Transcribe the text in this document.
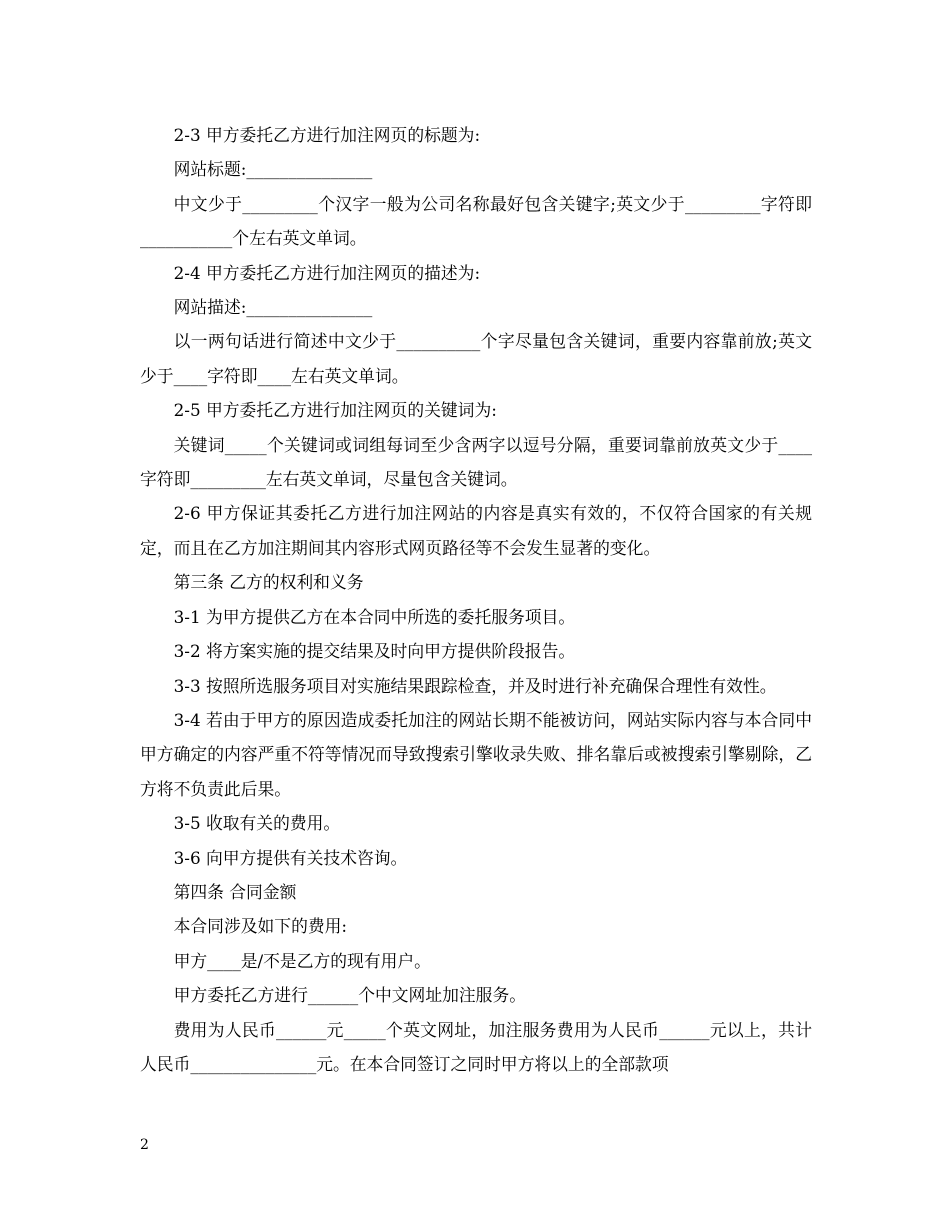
2-3 甲方委托乙方进行加注网页的标题为:

网站标题:_______________

中文少于_________个汉字一般为公司名称最好包含关键字;英文少于_________字符即___________个左右英文单词。

2-4 甲方委托乙方进行加注网页的描述为:

网站描述:_______________

以一两句话进行简述中文少于__________个字尽量包含关键词，重要内容靠前放;英文少于____字符即____左右英文单词。

2-5 甲方委托乙方进行加注网页的关键词为:

关键词_____个关键词或词组每词至少含两字以逗号分隔，重要词靠前放英文少于____字符即_________左右英文单词，尽量包含关键词。

2-6 甲方保证其委托乙方进行加注网站的内容是真实有效的，不仅符合国家的有关规定，而且在乙方加注期间其内容形式网页路径等不会发生显著的变化。

第三条 乙方的权利和义务

3-1 为甲方提供乙方在本合同中所选的委托服务项目。

3-2 将方案实施的提交结果及时向甲方提供阶段报告。

3-3 按照所选服务项目对实施结果跟踪检查，并及时进行补充确保合理性有效性。

3-4 若由于甲方的原因造成委托加注的网站长期不能被访问，网站实际内容与本合同中甲方确定的内容严重不符等情况而导致搜索引擎收录失败、排名靠后或被搜索引擎剔除，乙方将不负责此后果。

3-5 收取有关的费用。

3-6 向甲方提供有关技术咨询。

第四条 合同金额

本合同涉及如下的费用:

甲方____是/不是乙方的现有用户。

甲方委托乙方进行______个中文网址加注服务。

费用为人民币______元_____个英文网址，加注服务费用为人民币______元以上，共计人民币_______________元。在本合同签订之同时甲方将以上的全部款项

2
